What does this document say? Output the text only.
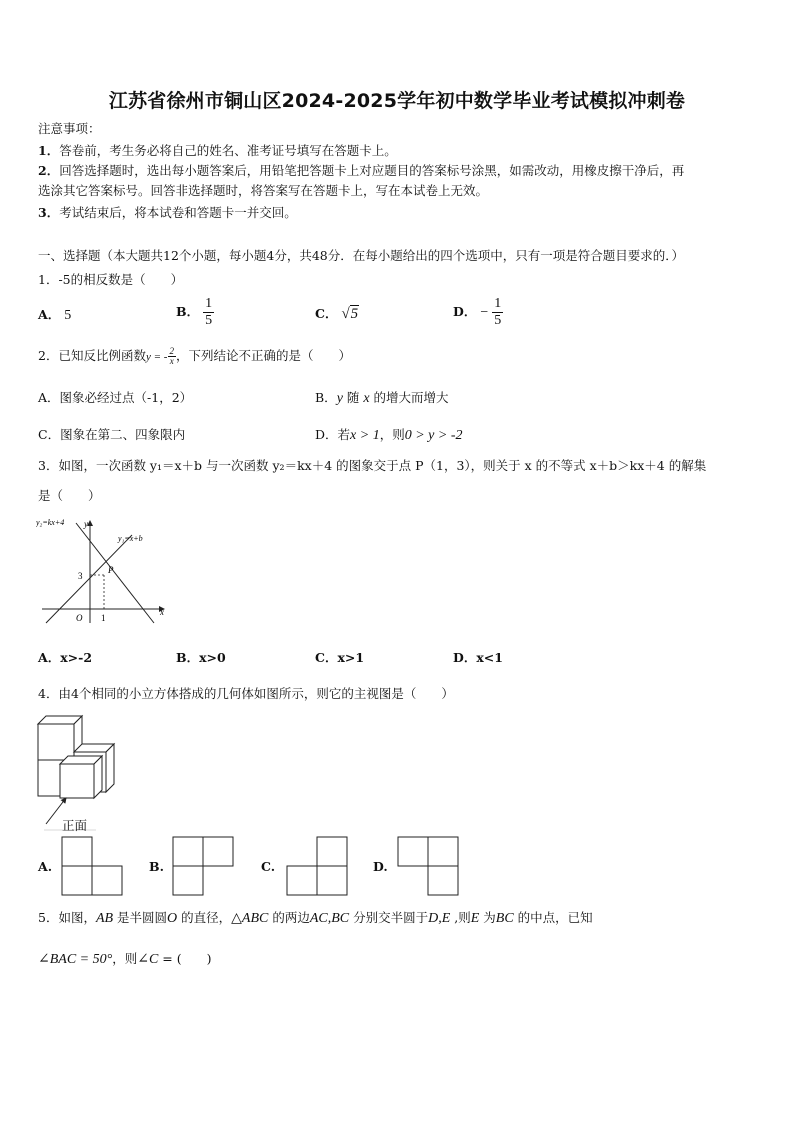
江苏省徐州市铜山区2024-2025学年初中数学毕业考试模拟冲刺卷
注意事项：
1．答卷前，考生务必将自己的姓名、准考证号填写在答题卡上。
2．回答选择题时，选出每小题答案后，用铅笔把答题卡上对应题目的答案标号涂黑，如需改动，用橡皮擦干净后，再
选涂其它答案标号。回答非选择题时，将答案写在答题卡上，写在本试卷上无效。
3．考试结束后，将本试卷和答题卡一并交回。
一、选择题（本大题共12个小题，每小题4分，共48分．在每小题给出的四个选项中，只有一项是符合题目要求的．）
1．-5的相反数是（　　）
A． 5	B． $\frac{1}{5}$	C． √5	D． − $\frac{1}{5}$
2．已知反比例函数y = - $\frac{2}{x}$ ，下列结论不正确的是（　　）
A．图象必经过点（-1，2）	B．y 随 x 的增大而增大
C．图象在第二、四象限内	D．若x > 1，则0 > y > -2
3．如图，一次函数 y₁＝x＋b 与一次函数 y₂＝kx＋4 的图象交于点 P（1，3），则关于 x 的不等式 x＋b＞kx＋4 的解集
是（　　）
y₂=kx+4 y
y₁=x+b
P
3
O 1
x
A．x>-2	B．x>0	C．x>1	D．x<1
4．由4个相同的小立方体搭成的几何体如图所示，则它的主视图是（　　）
正面
A.	B.	C.	D.
5．如图，AB 是半圆圆O 的直径，△ABC 的两边AC,BC 分别交半圆于D,E ,则E 为BC 的中点，已知
∠BAC = 50°，则∠C = (　　)
